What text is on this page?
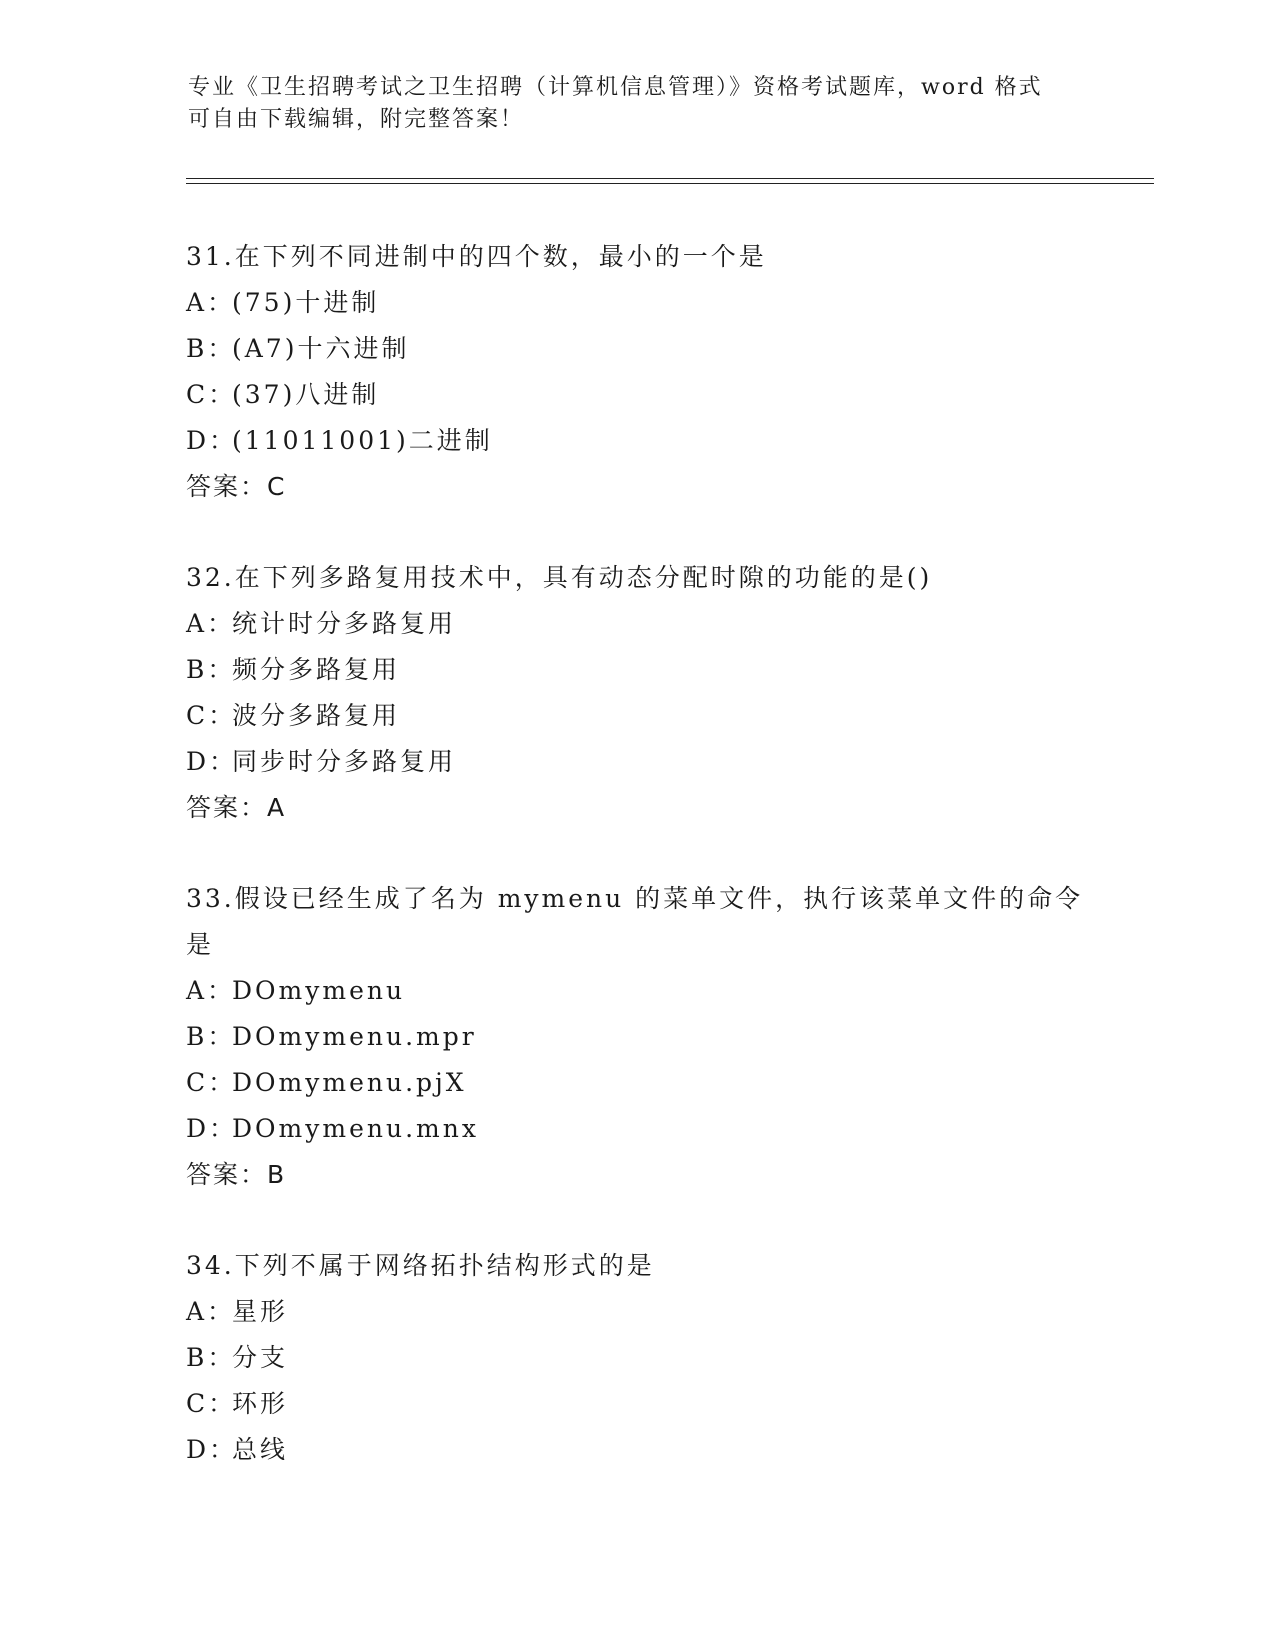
专业《卫生招聘考试之卫生招聘（计算机信息管理）》资格考试题库，word 格式
可自由下载编辑，附完整答案！
31.在下列不同进制中的四个数，最小的一个是
A：(75)十进制
B：(A7)十六进制
C：(37)八进制
D：(11011001)二进制
答案：C
32.在下列多路复用技术中，具有动态分配时隙的功能的是()
A：统计时分多路复用
B：频分多路复用
C：波分多路复用
D：同步时分多路复用
答案：A
33.假设已经生成了名为 mymenu 的菜单文件，执行该菜单文件的命令是
A：DOmymenu
B：DOmymenu.mpr
C：DOmymenu.pjX
D：DOmymenu.mnx
答案：B
34.下列不属于网络拓扑结构形式的是
A：星形
B：分支
C：环形
D：总线
